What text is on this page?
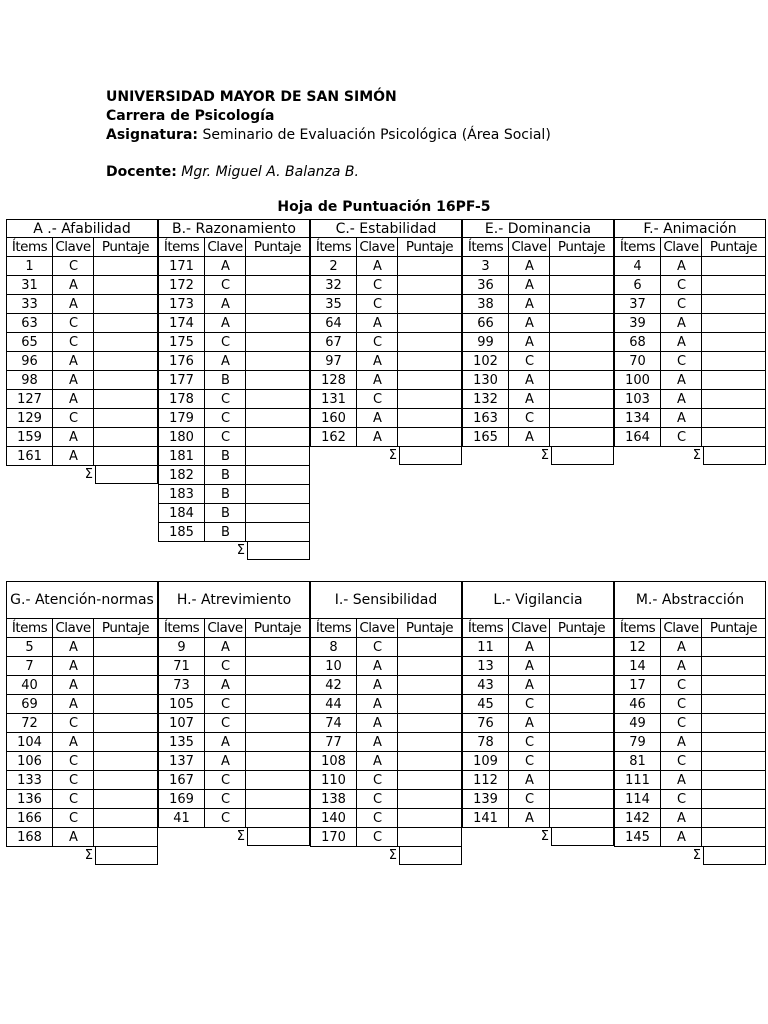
UNIVERSIDAD MAYOR DE SAN SIMÓN
Carrera de Psicología
Asignatura: Seminario de Evaluación Psicológica (Área Social)
Docente: Mgr. Miguel A. Balanza B.
Hoja de Puntuación 16PF-5
A .- Afabilidad
Ítems Clave Puntaje
1	C
31	A
33	A
63	C
65	C
96	A
98	A
127	A
129	C
159	A
161	A
Σ
B.- Razonamiento
Ítems Clave Puntaje
171	A
172	C
173	A
174	A
175	C
176	A
177	B
178	C
179	C
180	C
181	B
182	B
183	B
184	B
185	B
Σ
C.- Estabilidad
Ítems Clave Puntaje
2	A
32	C
35	C
64	A
67	C
97	A
128	A
131	C
160	A
162	A
Σ
E.- Dominancia
Ítems Clave Puntaje
3	A
36	A
38	A
66	A
99	A
102	C
130	A
132	A
163	C
165	A
Σ
F.- Animación
Ítems Clave Puntaje
4	A
6	C
37	C
39	A
68	A
70	C
100	A
103	A
134	A
164	C
Σ
G.- Atención-normas
Ítems Clave Puntaje
5	A
7	A
40	A
69	A
72	C
104	A
106	C
133	C
136	C
166	C
168	A
Σ
H.- Atrevimiento
Ítems Clave Puntaje
9	A
71	C
73	A
105	C
107	C
135	A
137	A
167	C
169	C
41	C
Σ
I.- Sensibilidad
Ítems Clave Puntaje
8	C
10	A
42	A
44	A
74	A
77	A
108	A
110	C
138	C
140	C
170	C
Σ
L.- Vigilancia
Ítems Clave Puntaje
11	A
13	A
43	A
45	C
76	A
78	C
109	C
112	A
139	C
141	A
Σ
M.- Abstracción
Ítems Clave Puntaje
12	A
14	A
17	C
46	C
49	C
79	A
81	C
111	A
114	C
142	A
145	A
Σ
